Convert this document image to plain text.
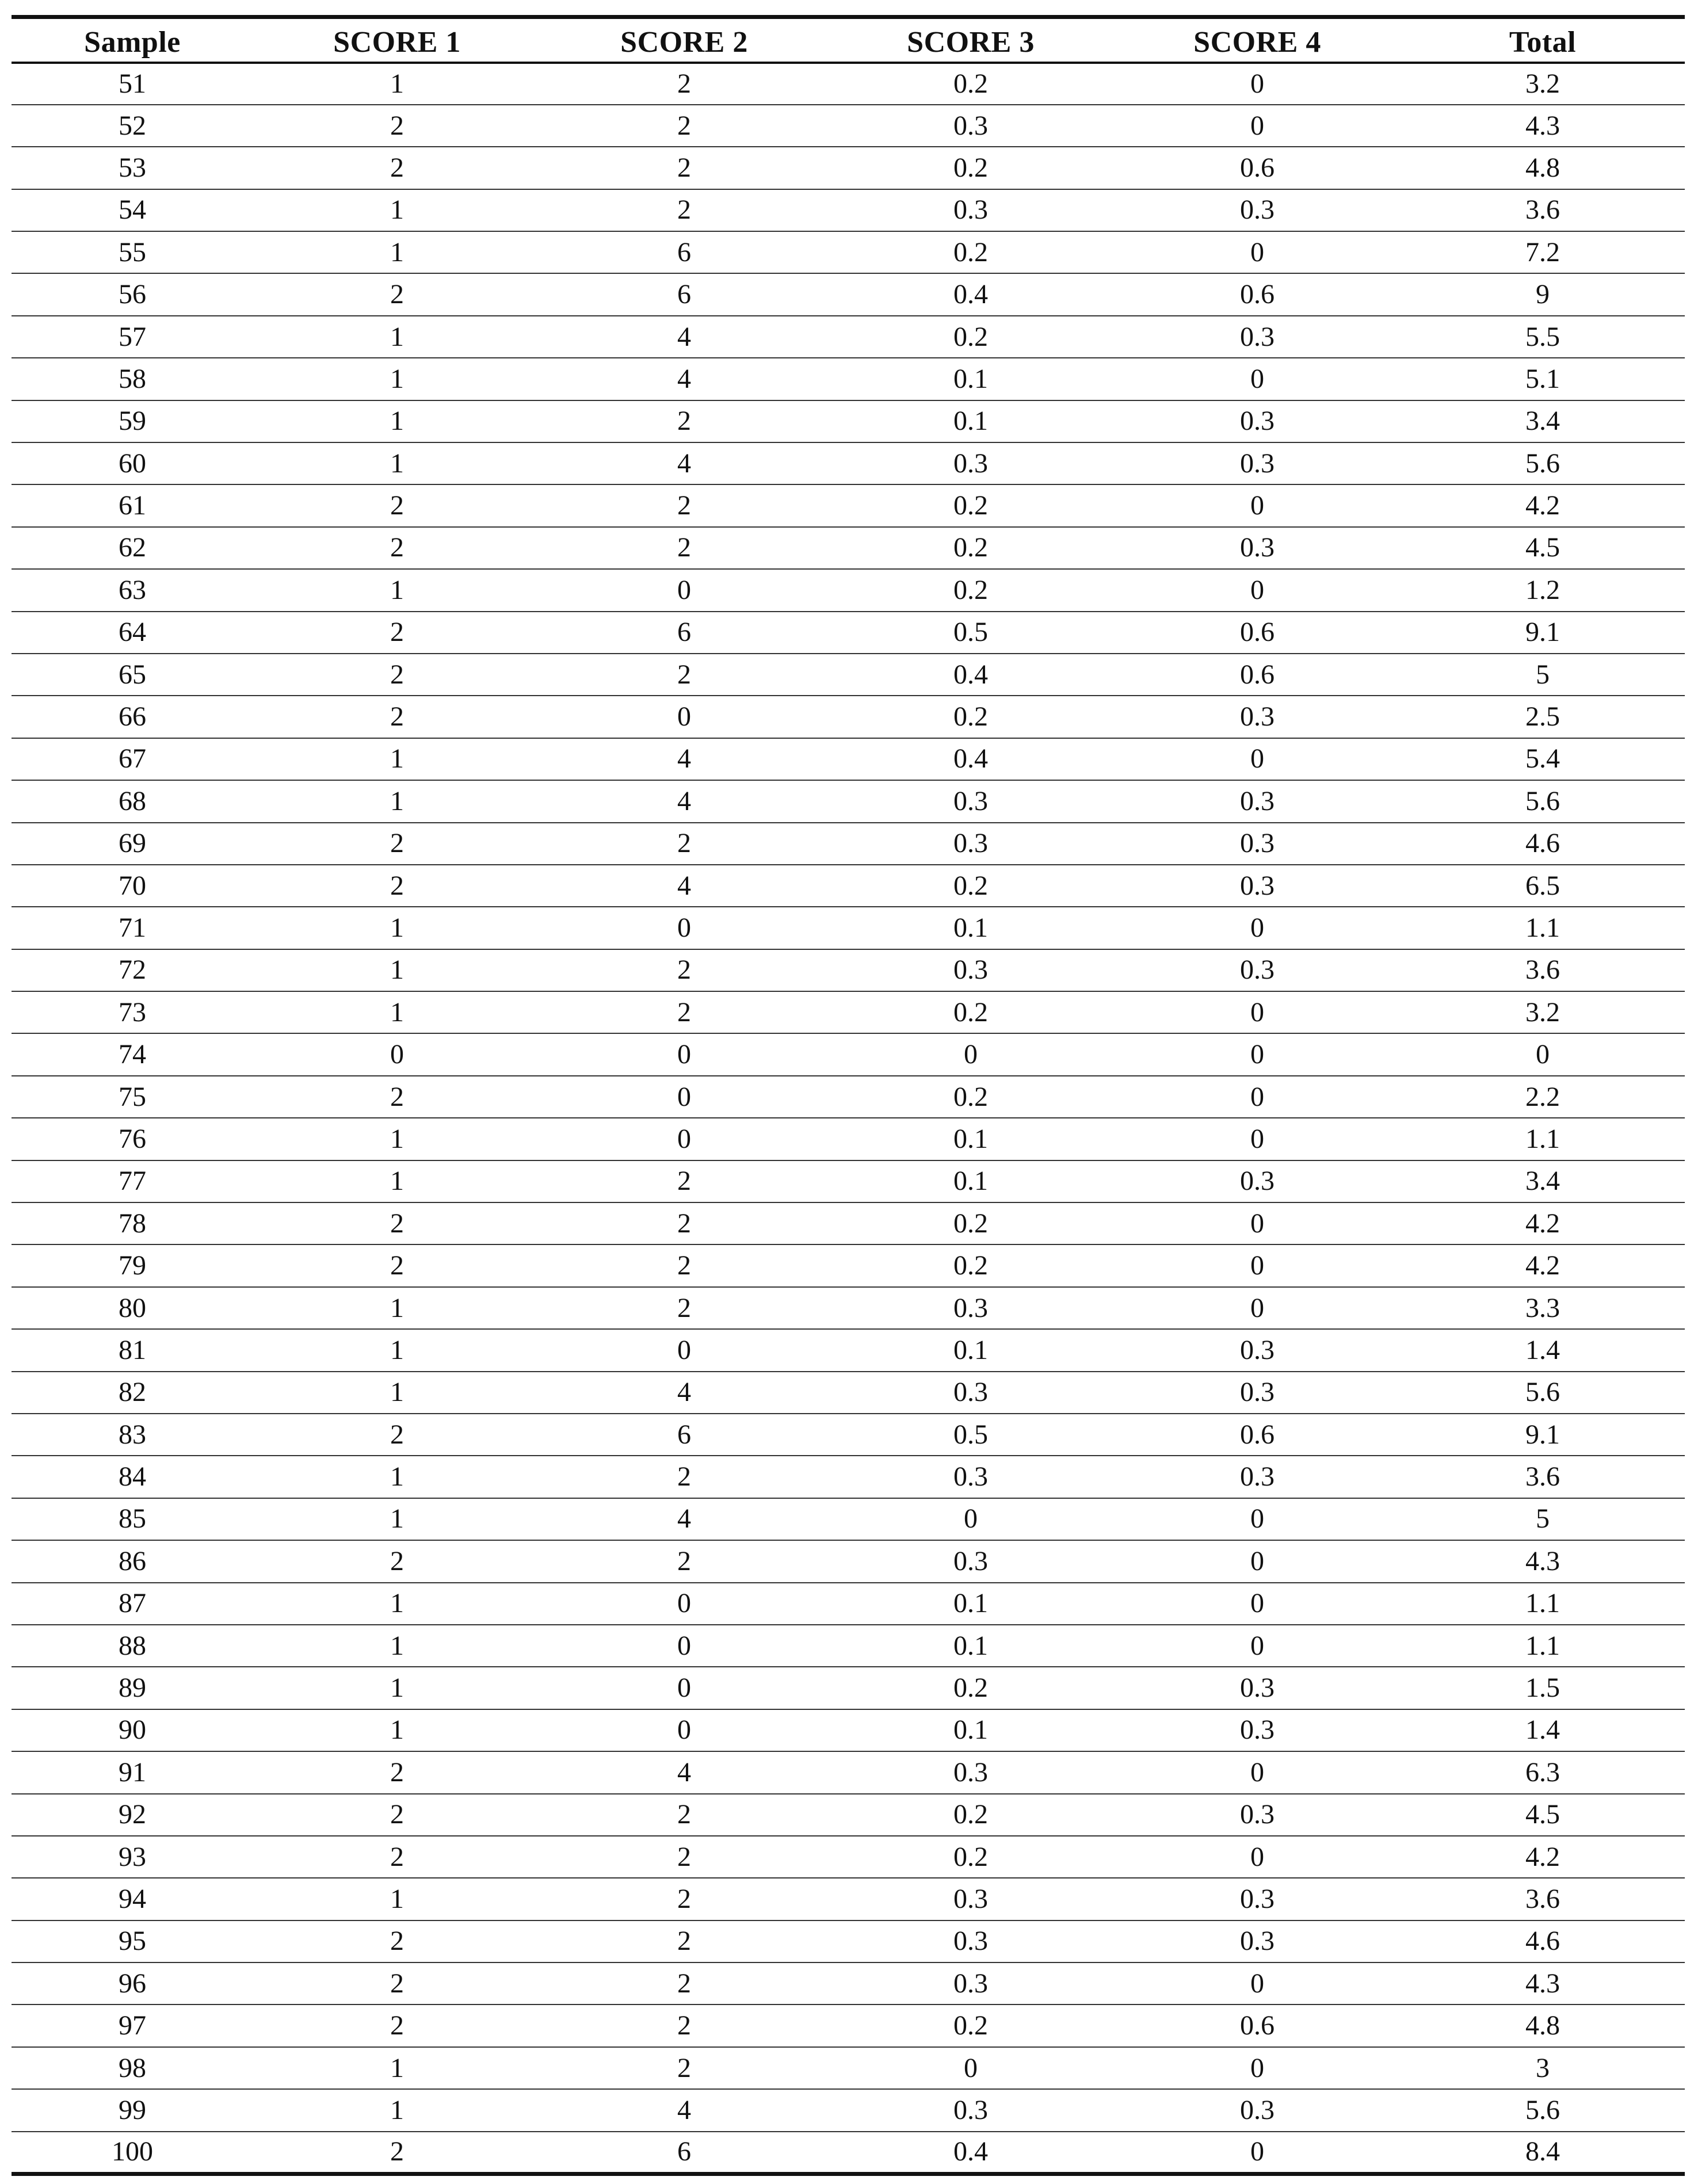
Sample	SCORE 1	SCORE 2	SCORE 3	SCORE 4	Total
51	1	2	0.2	0	3.2
52	2	2	0.3	0	4.3
53	2	2	0.2	0.6	4.8
54	1	2	0.3	0.3	3.6
55	1	6	0.2	0	7.2
56	2	6	0.4	0.6	9
57	1	4	0.2	0.3	5.5
58	1	4	0.1	0	5.1
59	1	2	0.1	0.3	3.4
60	1	4	0.3	0.3	5.6
61	2	2	0.2	0	4.2
62	2	2	0.2	0.3	4.5
63	1	0	0.2	0	1.2
64	2	6	0.5	0.6	9.1
65	2	2	0.4	0.6	5
66	2	0	0.2	0.3	2.5
67	1	4	0.4	0	5.4
68	1	4	0.3	0.3	5.6
69	2	2	0.3	0.3	4.6
70	2	4	0.2	0.3	6.5
71	1	0	0.1	0	1.1
72	1	2	0.3	0.3	3.6
73	1	2	0.2	0	3.2
74	0	0	0	0	0
75	2	0	0.2	0	2.2
76	1	0	0.1	0	1.1
77	1	2	0.1	0.3	3.4
78	2	2	0.2	0	4.2
79	2	2	0.2	0	4.2
80	1	2	0.3	0	3.3
81	1	0	0.1	0.3	1.4
82	1	4	0.3	0.3	5.6
83	2	6	0.5	0.6	9.1
84	1	2	0.3	0.3	3.6
85	1	4	0	0	5
86	2	2	0.3	0	4.3
87	1	0	0.1	0	1.1
88	1	0	0.1	0	1.1
89	1	0	0.2	0.3	1.5
90	1	0	0.1	0.3	1.4
91	2	4	0.3	0	6.3
92	2	2	0.2	0.3	4.5
93	2	2	0.2	0	4.2
94	1	2	0.3	0.3	3.6
95	2	2	0.3	0.3	4.6
96	2	2	0.3	0	4.3
97	2	2	0.2	0.6	4.8
98	1	2	0	0	3
99	1	4	0.3	0.3	5.6
100	2	6	0.4	0	8.4
